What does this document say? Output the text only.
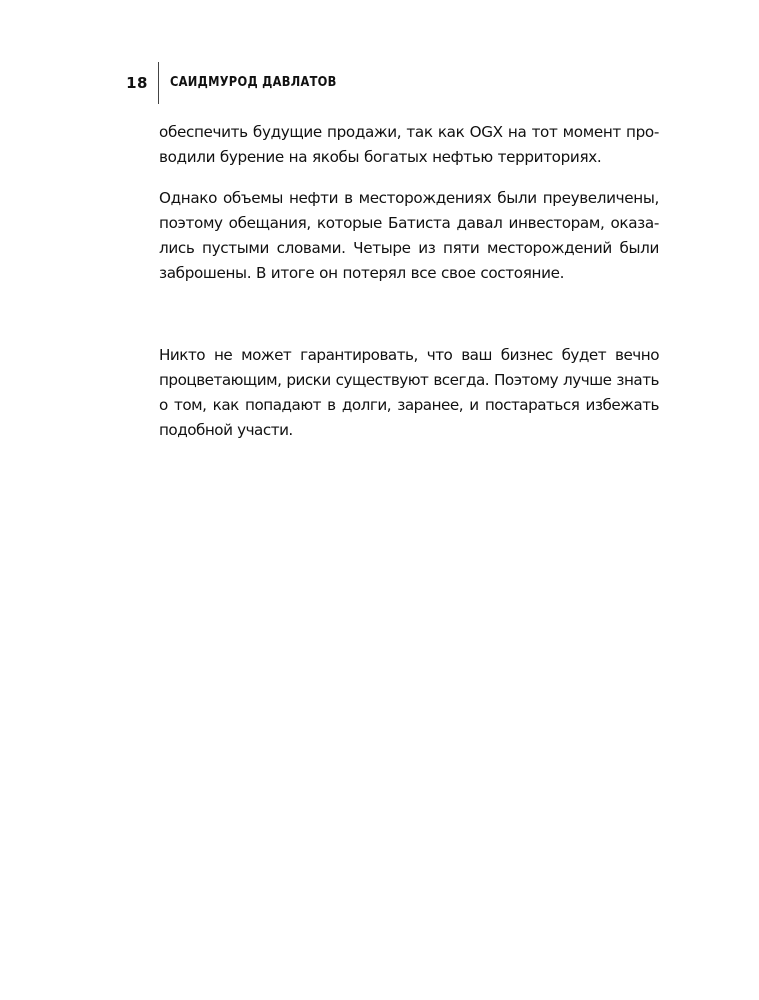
18 САИДМУРОД ДАВЛАТОВ

обеспечить будущие продажи, так как OGX на тот момент про- водили бурение на якобы богатых нефтью территориях.

Однако объемы нефти в месторождениях были преувеличены, поэтому обещания, которые Батиста давал инвесторам, оказа- лись пустыми словами. Четыре из пяти месторождений были заброшены. В итоге он потерял все свое состояние.

Никто не может гарантировать, что ваш бизнес будет вечно процветающим, риски существуют всегда. Поэтому лучше знать о том, как попадают в долги, заранее, и постараться избежать подобной участи.
